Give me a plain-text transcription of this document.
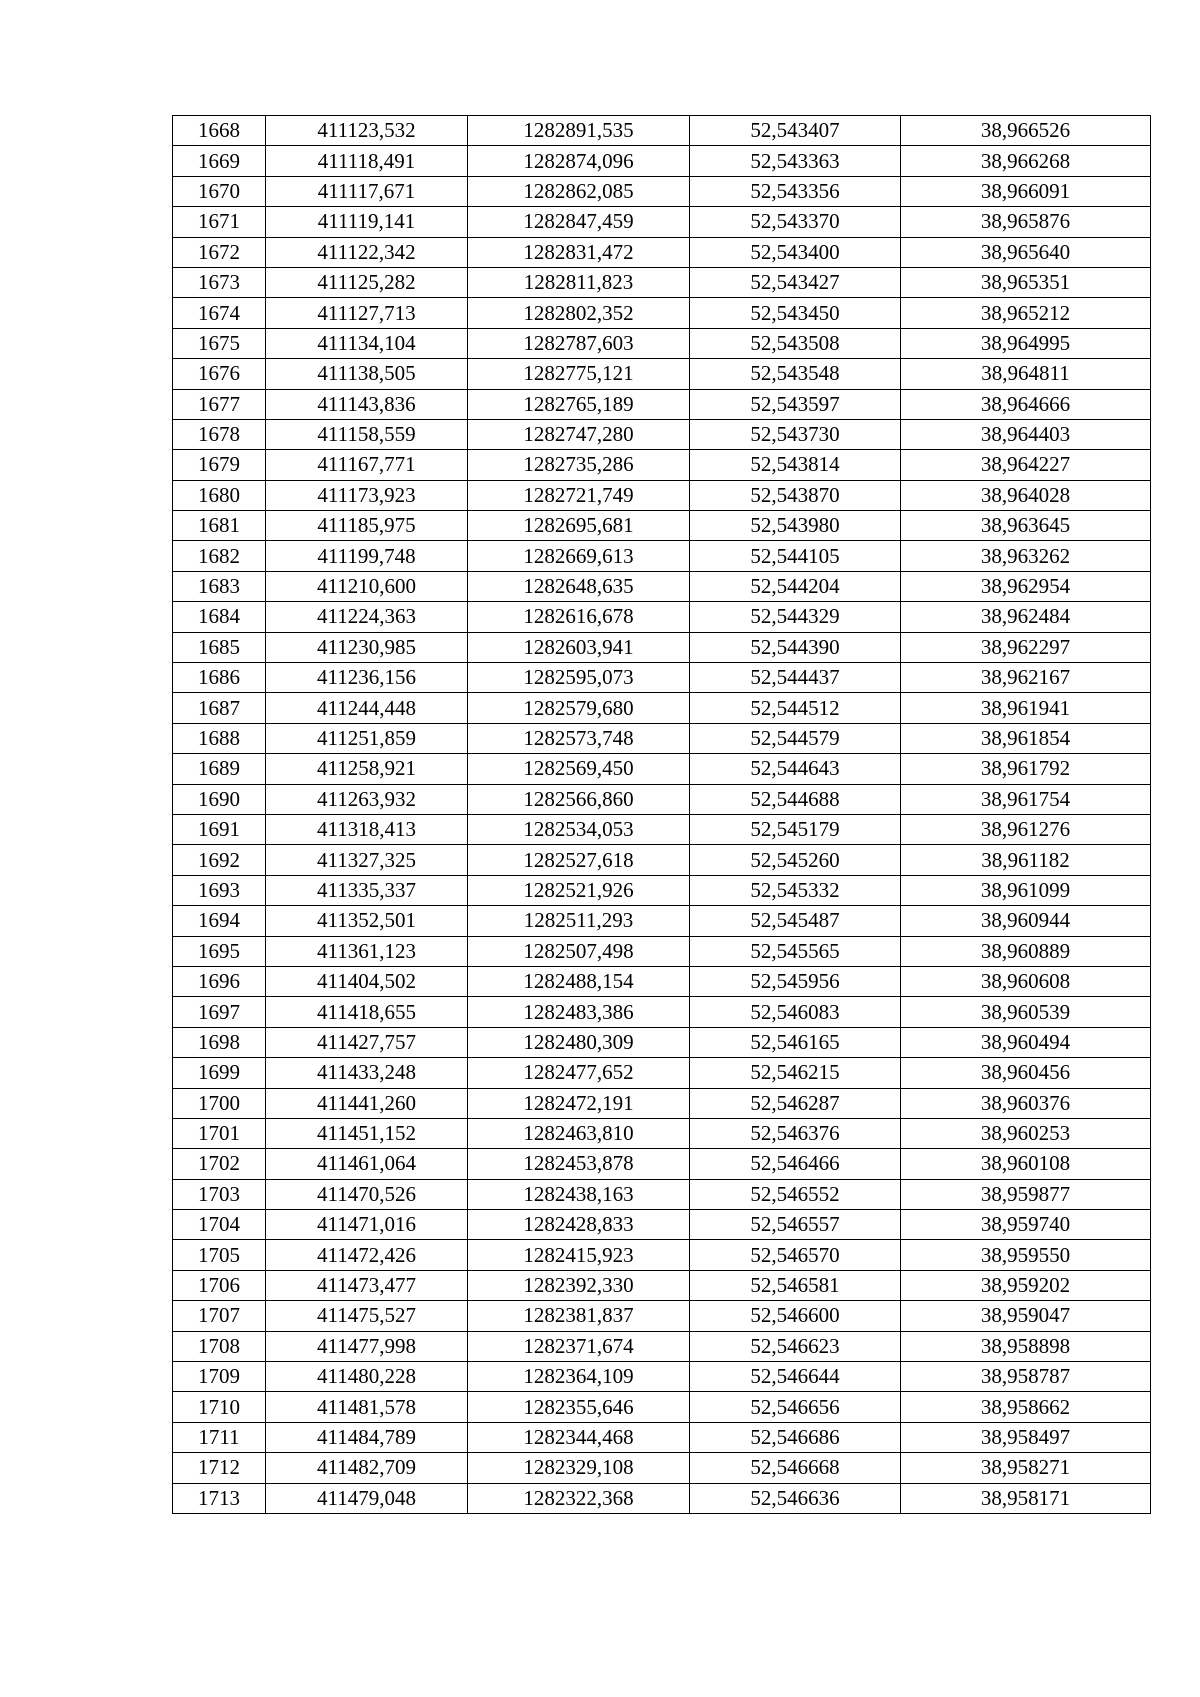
1668	411123,532	1282891,535	52,543407	38,966526
1669	411118,491	1282874,096	52,543363	38,966268
1670	411117,671	1282862,085	52,543356	38,966091
1671	411119,141	1282847,459	52,543370	38,965876
1672	411122,342	1282831,472	52,543400	38,965640
1673	411125,282	1282811,823	52,543427	38,965351
1674	411127,713	1282802,352	52,543450	38,965212
1675	411134,104	1282787,603	52,543508	38,964995
1676	411138,505	1282775,121	52,543548	38,964811
1677	411143,836	1282765,189	52,543597	38,964666
1678	411158,559	1282747,280	52,543730	38,964403
1679	411167,771	1282735,286	52,543814	38,964227
1680	411173,923	1282721,749	52,543870	38,964028
1681	411185,975	1282695,681	52,543980	38,963645
1682	411199,748	1282669,613	52,544105	38,963262
1683	411210,600	1282648,635	52,544204	38,962954
1684	411224,363	1282616,678	52,544329	38,962484
1685	411230,985	1282603,941	52,544390	38,962297
1686	411236,156	1282595,073	52,544437	38,962167
1687	411244,448	1282579,680	52,544512	38,961941
1688	411251,859	1282573,748	52,544579	38,961854
1689	411258,921	1282569,450	52,544643	38,961792
1690	411263,932	1282566,860	52,544688	38,961754
1691	411318,413	1282534,053	52,545179	38,961276
1692	411327,325	1282527,618	52,545260	38,961182
1693	411335,337	1282521,926	52,545332	38,961099
1694	411352,501	1282511,293	52,545487	38,960944
1695	411361,123	1282507,498	52,545565	38,960889
1696	411404,502	1282488,154	52,545956	38,960608
1697	411418,655	1282483,386	52,546083	38,960539
1698	411427,757	1282480,309	52,546165	38,960494
1699	411433,248	1282477,652	52,546215	38,960456
1700	411441,260	1282472,191	52,546287	38,960376
1701	411451,152	1282463,810	52,546376	38,960253
1702	411461,064	1282453,878	52,546466	38,960108
1703	411470,526	1282438,163	52,546552	38,959877
1704	411471,016	1282428,833	52,546557	38,959740
1705	411472,426	1282415,923	52,546570	38,959550
1706	411473,477	1282392,330	52,546581	38,959202
1707	411475,527	1282381,837	52,546600	38,959047
1708	411477,998	1282371,674	52,546623	38,958898
1709	411480,228	1282364,109	52,546644	38,958787
1710	411481,578	1282355,646	52,546656	38,958662
1711	411484,789	1282344,468	52,546686	38,958497
1712	411482,709	1282329,108	52,546668	38,958271
1713	411479,048	1282322,368	52,546636	38,958171
